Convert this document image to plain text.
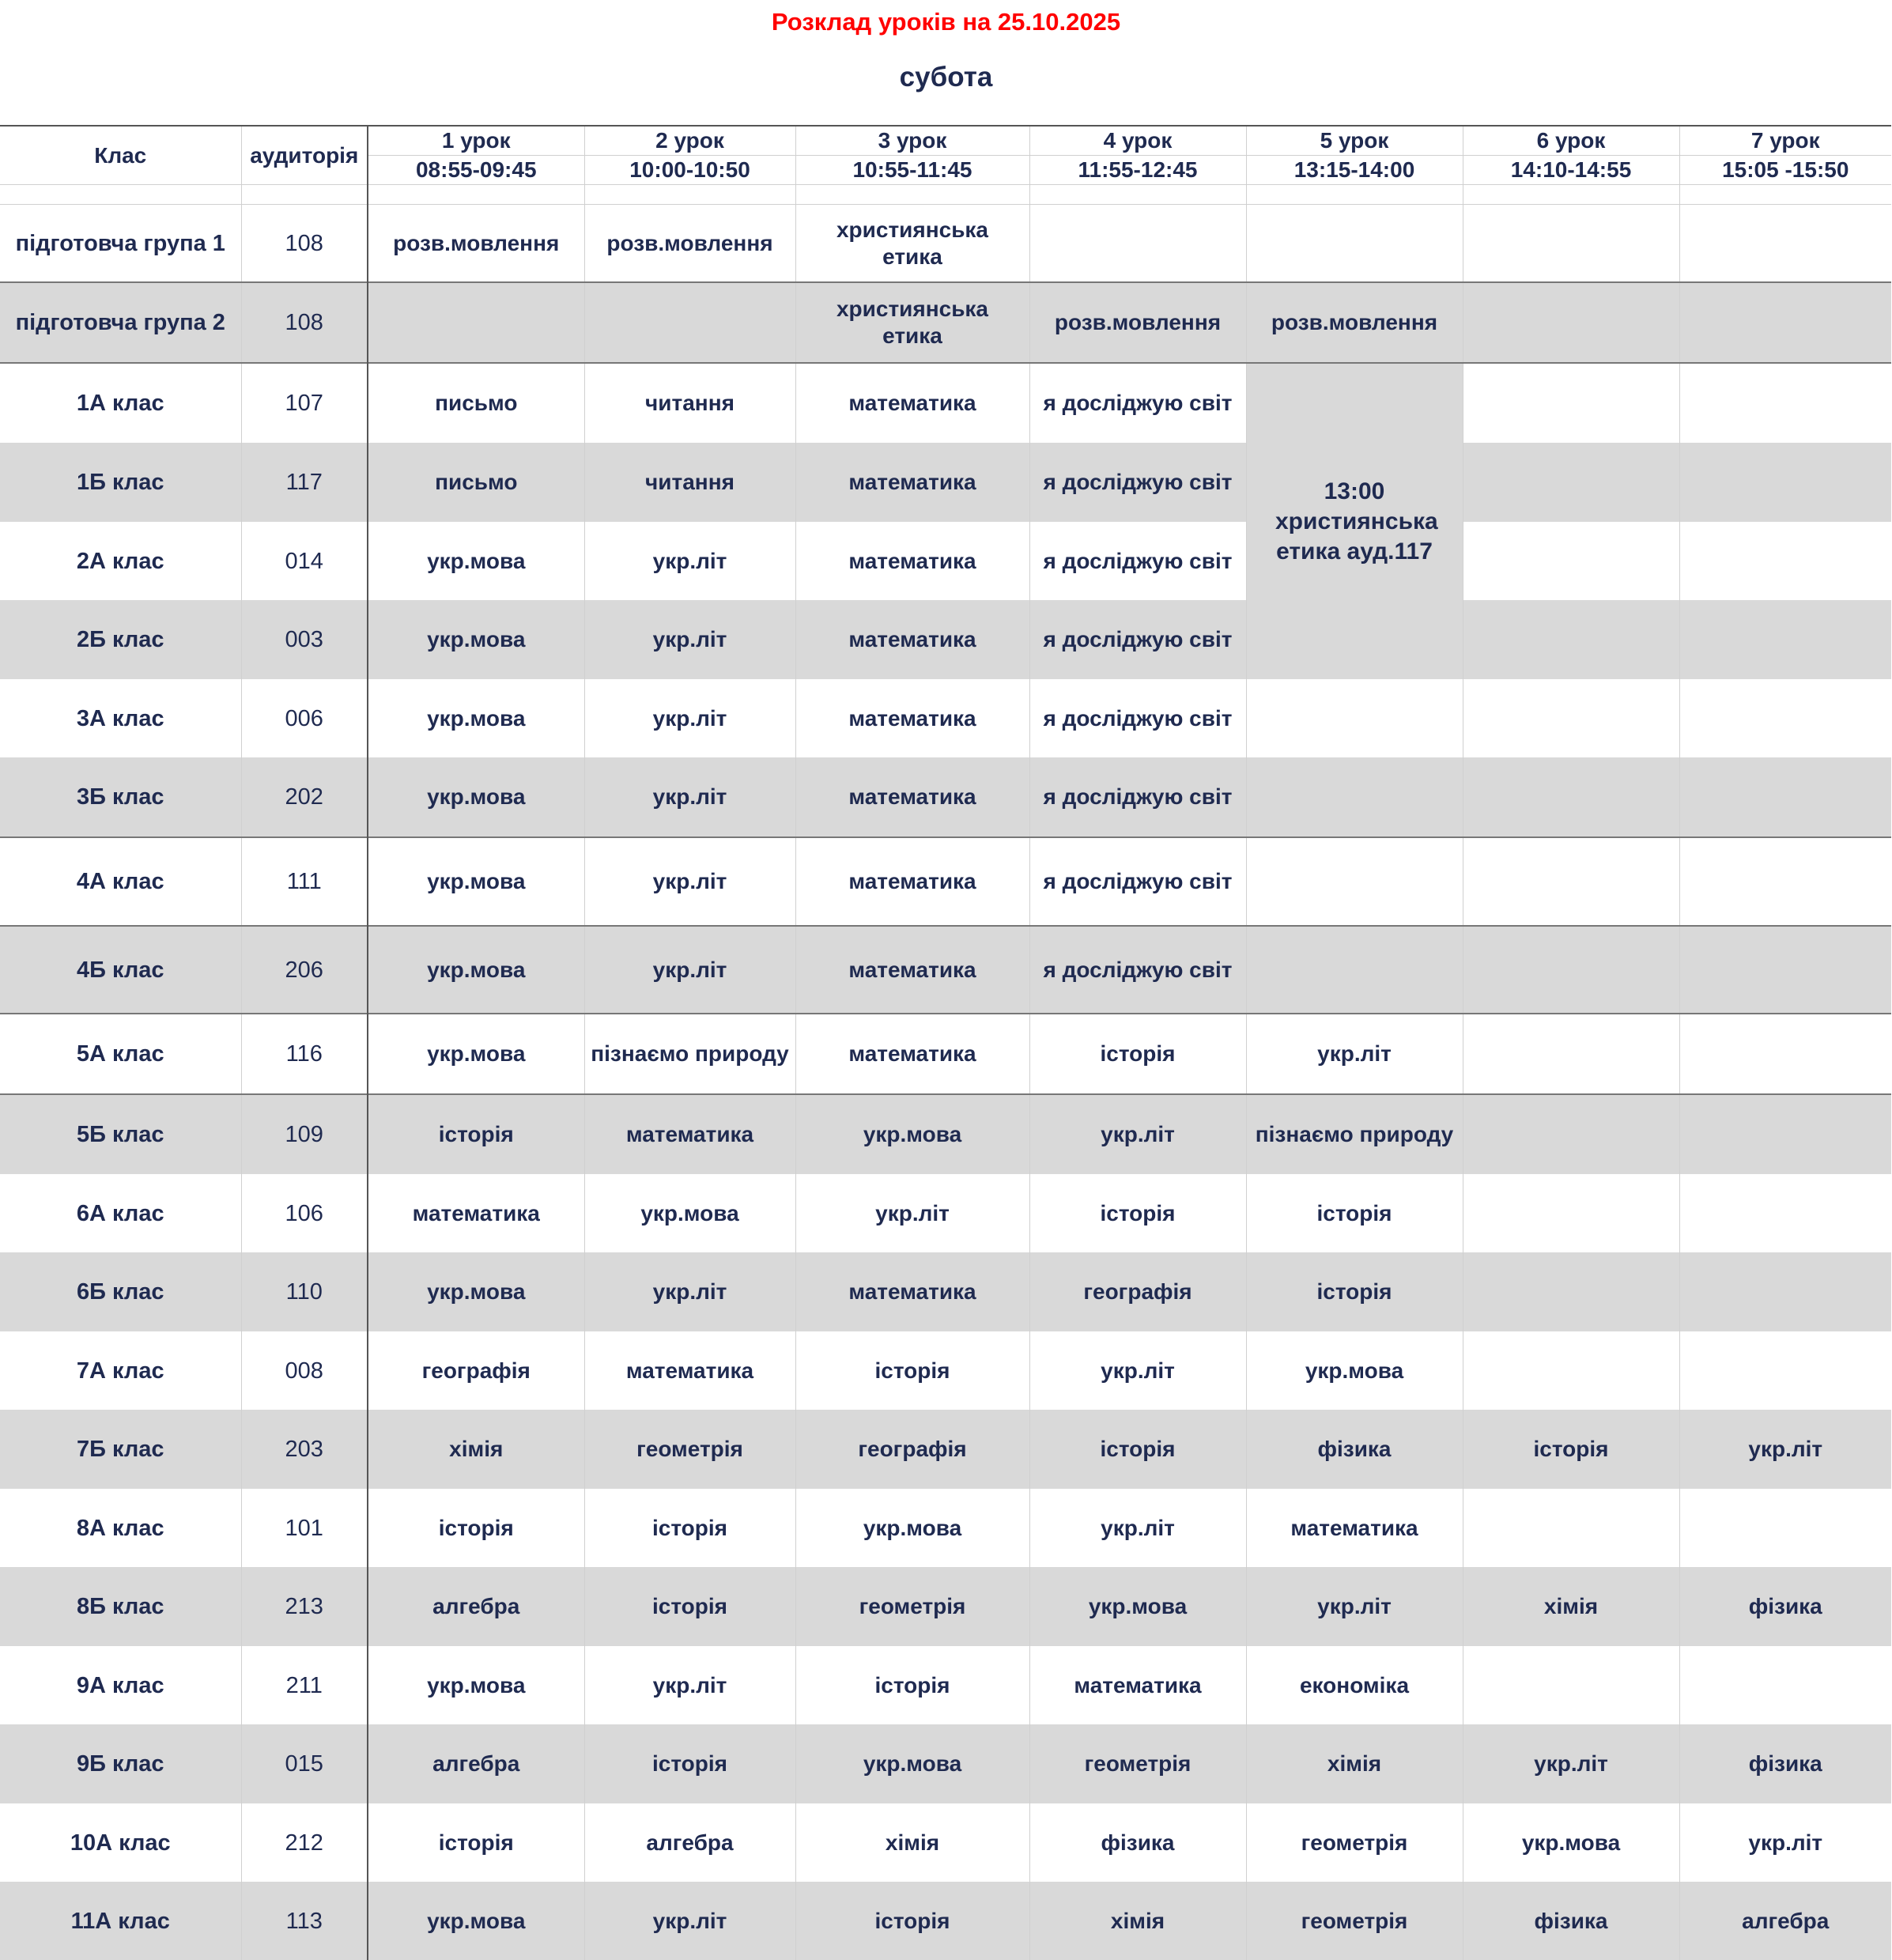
Розклад уроків на 25.10.2025
субота
Клас	аудиторія	1 урок	2 урок	3 урок	4 урок	5 урок	6 урок	7 урок
		08:55-09:45	10:00-10:50	10:55-11:45	11:55-12:45	13:15-14:00	14:10-14:55	15:05 -15:50

підготовча група 1	108	розв.мовлення	розв.мовлення	християнська етика				

підготовча група 2	108			християнська етика	розв.мовлення	розв.мовлення		
1А клас	107	письмо	читання	математика	я досліджую світ	13:00 християнська етика ауд.117		

1Б клас	117	письмо	читання	математика	я досліджую світ			
2А клас	014	укр.мова	укр.літ	математика	я досліджую світ			
2Б клас	003	укр.мова	укр.літ	математика	я досліджую світ			
3А клас	006	укр.мова	укр.літ	математика	я досліджую світ			
3Б клас	202	укр.мова	укр.літ	математика	я досліджую світ			
4А клас	111	укр.мова	укр.літ	математика	я досліджую світ			
4Б клас	206	укр.мова	укр.літ	математика	я досліджую світ			
5А клас	116	укр.мова	пізнаємо природу	математика	історія	укр.літ		
5Б клас	109	історія	математика	укр.мова	укр.літ	пізнаємо природу		
6А клас	106	математика	укр.мова	укр.літ	історія	історія		
6Б клас	110	укр.мова	укр.літ	математика	географія	історія		
7А клас	008	географія	математика	історія	укр.літ	укр.мова		
7Б клас	203	хімія	геометрія	географія	історія	фізика	історія	укр.літ
8А клас	101	історія	історія	укр.мова	укр.літ	математика		
8Б клас	213	алгебра	історія	геометрія	укр.мова	укр.літ	хімія	фізика
9А клас	211	укр.мова	укр.літ	історія	математика	економіка		
9Б клас	015	алгебра	історія	укр.мова	геометрія	хімія	укр.літ	фізика
10А клас	212	історія	алгебра	хімія	фізика	геометрія	укр.мова	укр.літ
11А клас	113	укр.мова	укр.літ	історія	хімія	геометрія	фізика	алгебра
